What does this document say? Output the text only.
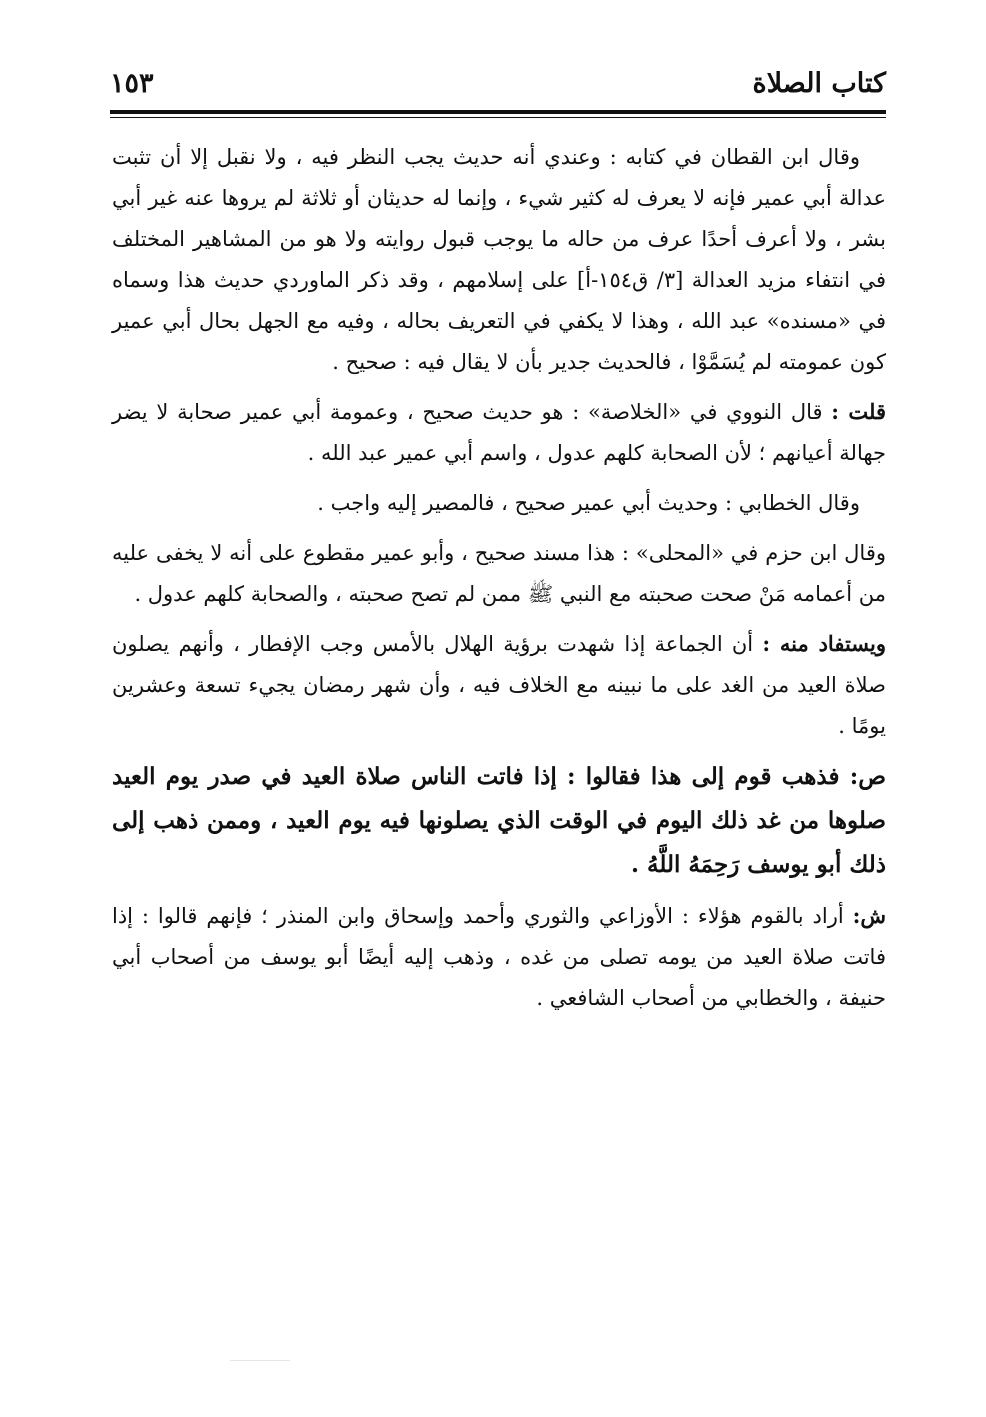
كتاب الصلاة
١٥٣

وقال ابن القطان في كتابه : وعندي أنه حديث يجب النظر فيه ، ولا نقبل إلا أن تثبت عدالة أبي عمير فإنه لا يعرف له كثير شيء ، وإنما له حديثان أو ثلاثة لم يروها عنه غير أبي بشر ، ولا أعرف أحدًا عرف من حاله ما يوجب قبول روايته ولا هو من المشاهير المختلف في انتفاء مزيد العدالة [٣/ ق١٥٤-أ] على إسلامهم ، وقد ذكر الماوردي حديث هذا وسماه في «مسنده» عبد الله ، وهذا لا يكفي في التعريف بحاله ، وفيه مع الجهل بحال أبي عمير كون عمومته لم يُسَمَّوْا ، فالحديث جدير بأن لا يقال فيه : صحيح .

قلت : قال النووي في «الخلاصة» : هو حديث صحيح ، وعمومة أبي عمير صحابة لا يضر جهالة أعيانهم ؛ لأن الصحابة كلهم عدول ، واسم أبي عمير عبد الله .

وقال الخطابي : وحديث أبي عمير صحيح ، فالمصير إليه واجب .

وقال ابن حزم في «المحلى» : هذا مسند صحيح ، وأبو عمير مقطوع على أنه لا يخفى عليه من أعمامه مَنْ صحت صحبته مع النبي ﷺ ممن لم تصح صحبته ، والصحابة كلهم عدول .

ويستفاد منه : أن الجماعة إذا شهدت برؤية الهلال بالأمس وجب الإفطار ، وأنهم يصلون صلاة العيد من الغد على ما نبينه مع الخلاف فيه ، وأن شهر رمضان يجيء تسعة وعشرين يومًا .

ص: فذهب قوم إلى هذا فقالوا : إذا فاتت الناس صلاة العيد في صدر يوم العيد صلوها من غد ذلك اليوم في الوقت الذي يصلونها فيه يوم العيد ، وممن ذهب إلى ذلك أبو يوسف رَحِمَهُ اللَّهُ .

ش: أراد بالقوم هؤلاء : الأوزاعي والثوري وأحمد وإسحاق وابن المنذر ؛ فإنهم قالوا : إذا فاتت صلاة العيد من يومه تصلى من غده ، وذهب إليه أيضًا أبو يوسف من أصحاب أبي حنيفة ، والخطابي من أصحاب الشافعي .
